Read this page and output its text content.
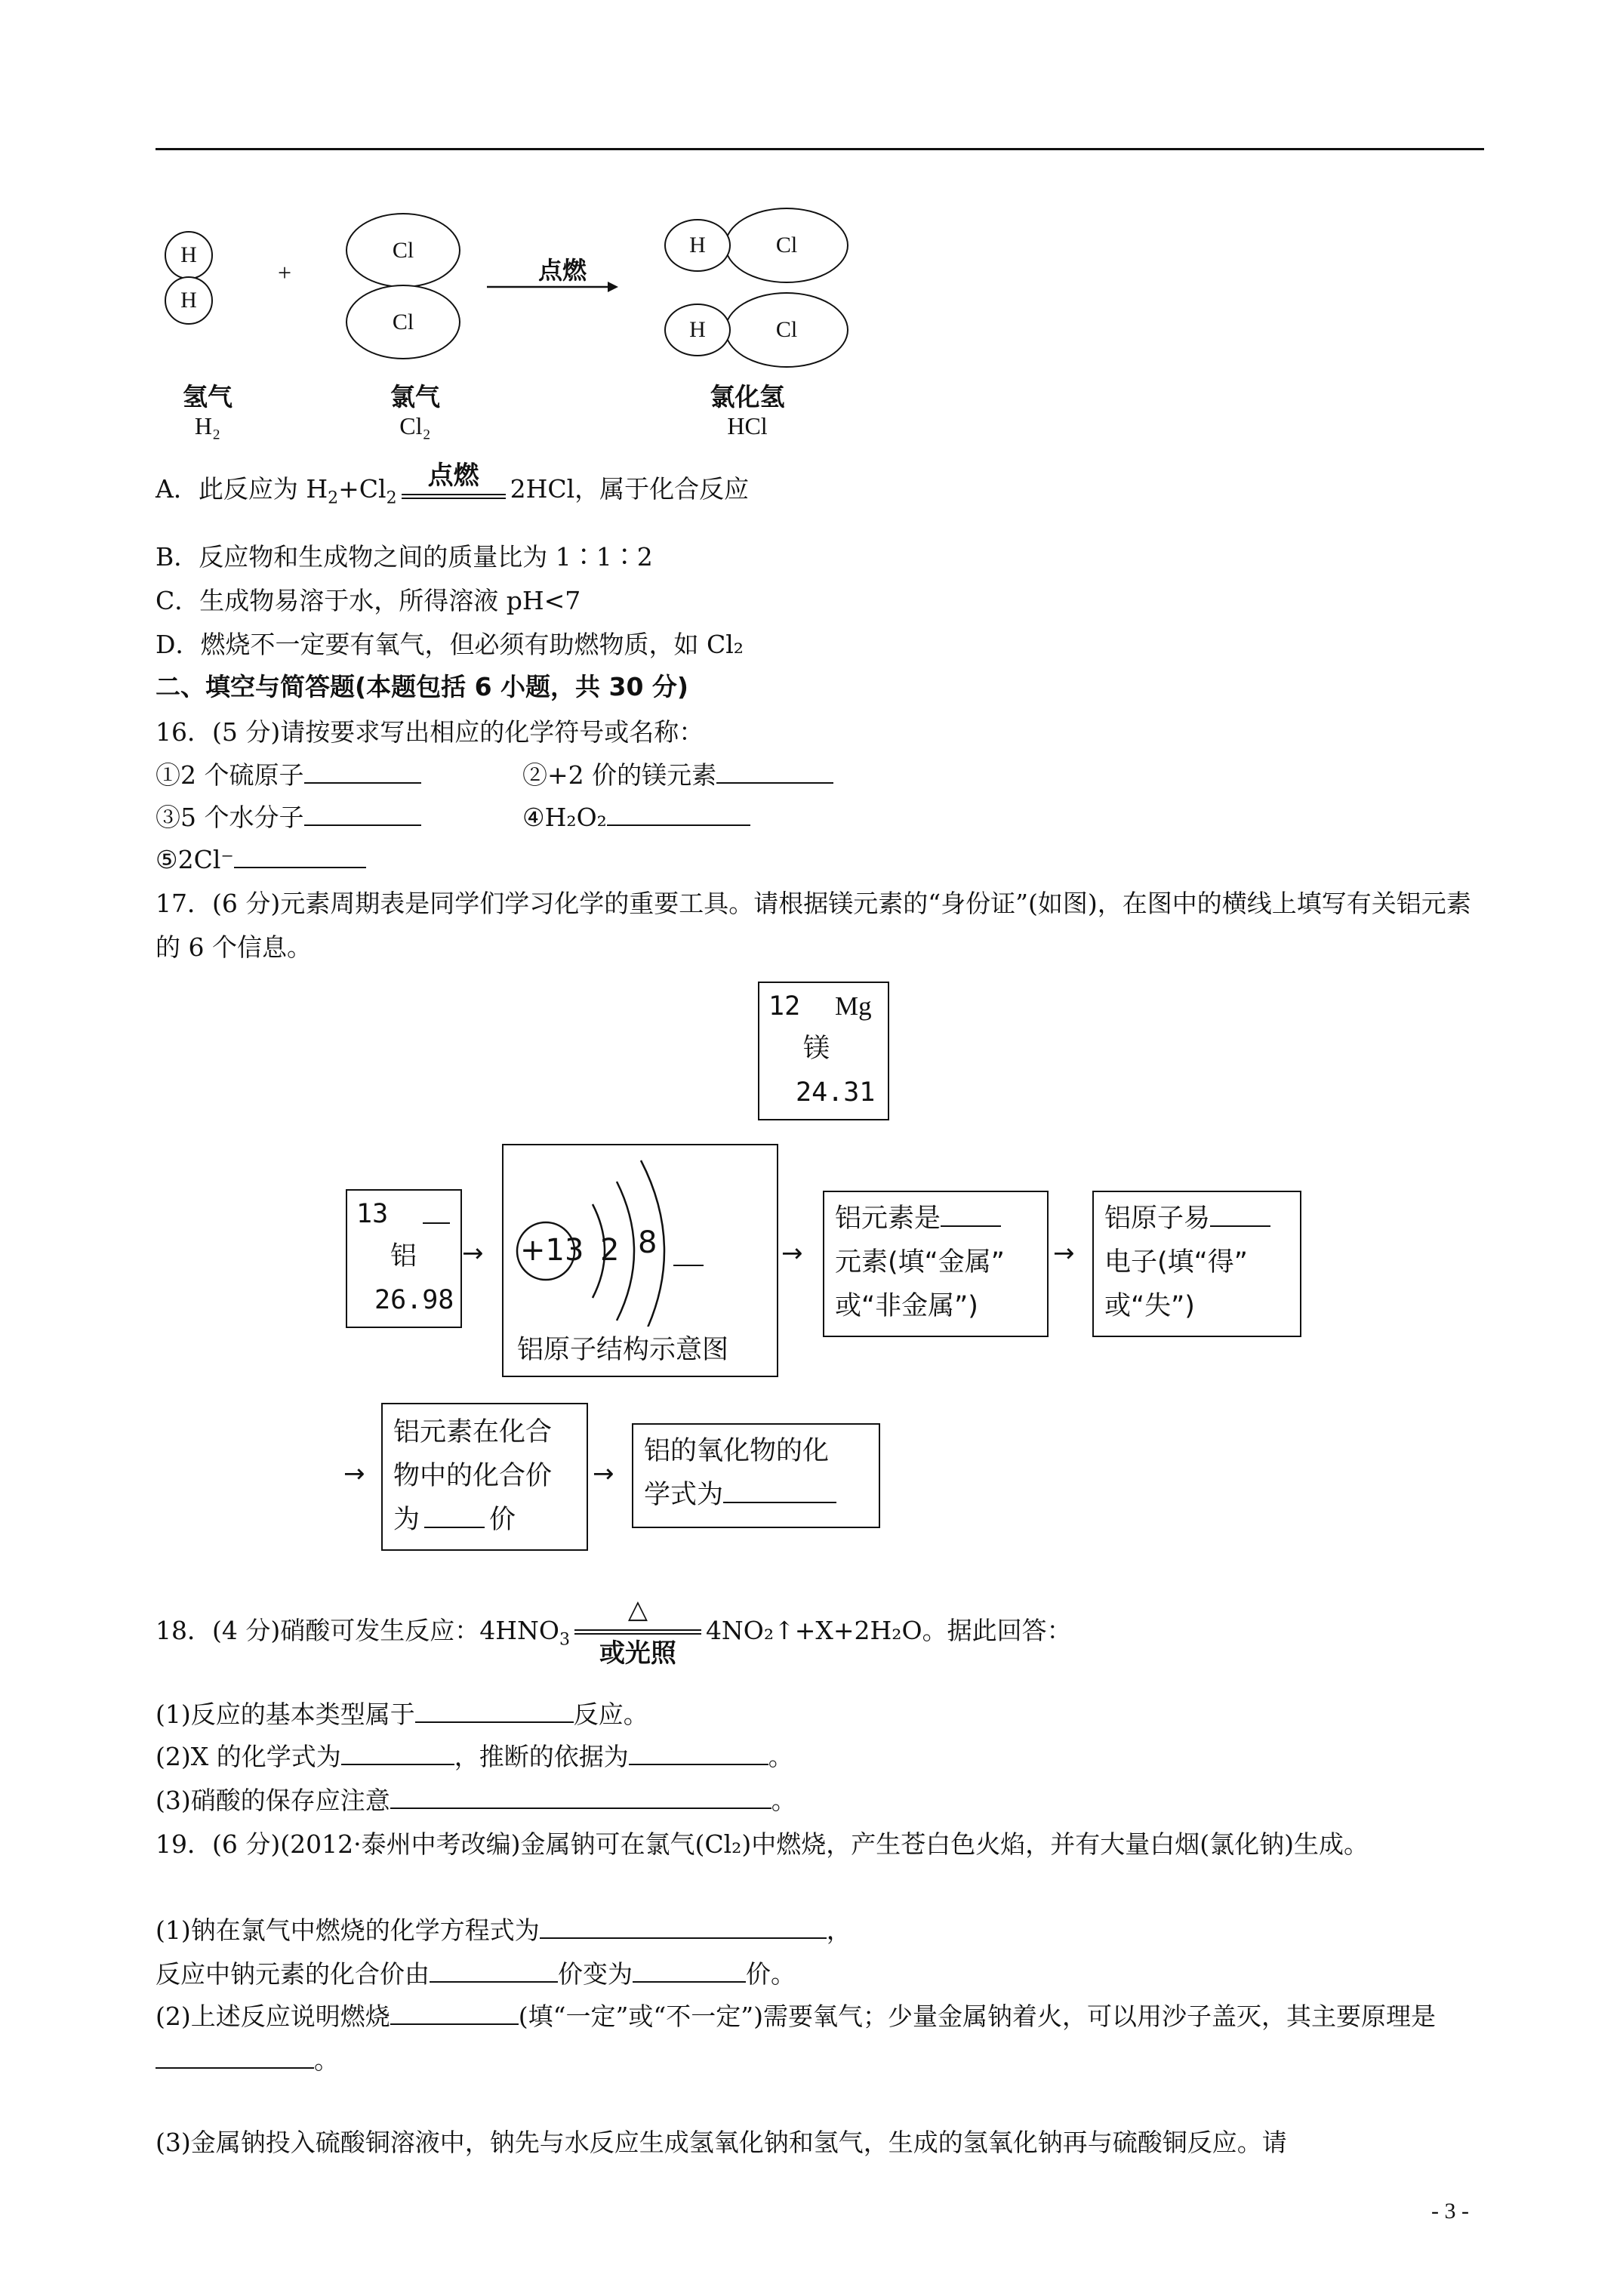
H
H
+
Cl
Cl
点燃
Cl
H
Cl
H
氢气
H₂
氯气
Cl₂
氯化氢
HCl
A．此反应为 $H_2+Cl_2$
点燃	2HCl，属于化合反应
B．反应物和生成物之间的质量比为 1∶1∶2
C．生成物易溶于水，所得溶液 pH<7
D．燃烧不一定要有氧气，但必须有助燃物质，如 Cl₂
二、填空与简答题(本题包括 6 小题，共 30 分)
16．(5 分)请按要求写出相应的化学符号或名称：
①2 个硫原子	②+2 价的镁元素
③5 个水分子	④H₂O₂
⑤2Cl⁻
17．(6 分)元素周期表是同学们学习化学的重要工具。请根据镁元素的“身份证”(如图)，在图中的横线上填写有关铝元素的 6 个信息。
12 Mg
镁
24.31
13
铝
26.98
→ +13 2 8
铝原子结构示意图
→
铝元素是
元素(填“金属”
或“非金属”)
→
铝原子易
电子(填“得”
或“失”)
→
铝元素在化合
物中的化合价
为	价
→
铝的氧化物的化
学式为
18．(4 分)硝酸可发生反应：$4HNO_3$
△
或光照
4NO₂↑+X+2H₂O。据此回答：
(1)反应的基本类型属于	反应。
(2)X 的化学式为	，推断的依据为	。
(3)硝酸的保存应注意	。
19．(6 分)(2012·泰州中考改编)金属钠可在氯气(Cl₂)中燃烧，产生苍白色火焰，并有大量白烟(氯化钠)生成。
(1)钠在氯气中燃烧的化学方程式为	，
反应中钠元素的化合价由	价变为	价。
(2)上述反应说明燃烧	(填“一定”或“不一定”)需要氧气；少量金属钠着火，可以用沙子盖灭，其主要原理是。
(3)金属钠投入硫酸铜溶液中，钠先与水反应生成氢氧化钠和氢气，生成的氢氧化钠再与硫酸铜反应。请
- 3 -
